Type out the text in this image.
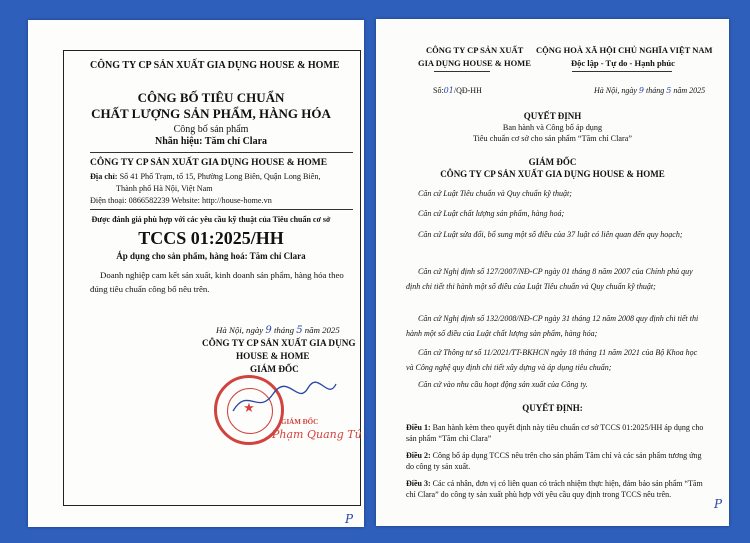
CÔNG TY CP SẢN XUẤT GIA DỤNG HOUSE & HOME
CÔNG BỐ TIÊU CHUẨN
CHẤT LƯỢNG SẢN PHẨM, HÀNG HÓA
Công bố sản phẩm
Nhãn hiệu: Tăm chỉ Clara
CÔNG TY CP SẢN XUẤT GIA DỤNG HOUSE & HOME
Địa chỉ: Số 41 Phố Trạm, tổ 15, Phường Long Biên, Quận Long Biên,
Thành phố Hà Nội, Việt Nam
Điện thoại: 0866582239 Website: http://house-home.vn
Được đánh giá phù hợp với các yêu cầu kỹ thuật của Tiêu chuẩn cơ sở
TCCS 01:2025/HH
Áp dụng cho sản phẩm, hàng hoá: Tăm chỉ Clara
Doanh nghiệp cam kết sản xuất, kinh doanh sản phẩm, hàng hóa theo đúng tiêu chuẩn công bố nêu trên.
Hà Nội, ngày 9 tháng 5 năm 2025
CÔNG TY CP SẢN XUẤT GIA DỤNG
HOUSE & HOME
GIÁM ĐỐC
★
GIÁM ĐỐC
Phạm Quang Tú
P
CÔNG TY CP SẢN XUẤT
GIA DỤNG HOUSE & HOME
CỘNG HOÀ XÃ HỘI CHỦ NGHĨA VIỆT NAM
Độc lập - Tự do - Hạnh phúc
Số:01/QĐ-HH	Hà Nội, ngày 9 tháng 5 năm 2025
QUYẾT ĐỊNH
Ban hành và Công bố áp dụng
Tiêu chuẩn cơ sở cho sản phẩm “Tăm chỉ Clara”
GIÁM ĐỐC
CÔNG TY CP SẢN XUẤT GIA DỤNG HOUSE & HOME
Căn cứ Luật Tiêu chuẩn và Quy chuẩn kỹ thuật;
Căn cứ Luật chất lượng sản phẩm, hàng hoá;
Căn cứ Luật sửa đổi, bổ sung một số điều của 37 luật có liên quan đến quy hoạch;
Căn cứ Nghị định số 127/2007/NĐ-CP ngày 01 tháng 8 năm 2007 của Chính phủ quy định chi tiết thi hành một số điều của Luật Tiêu chuẩn và Quy chuẩn kỹ thuật;
Căn cứ Nghị định số 132/2008/NĐ-CP ngày 31 tháng 12 năm 2008 quy định chi tiết thi hành một số điều của Luật chất lượng sản phẩm, hàng hóa;
Căn cứ Thông tư số 11/2021/TT-BKHCN ngày 18 tháng 11 năm 2021 của Bộ Khoa học và Công nghệ quy định chi tiết xây dựng và áp dụng tiêu chuẩn;
Căn cứ vào nhu cầu hoạt động sản xuất của Công ty.
QUYẾT ĐỊNH:
Điều 1: Ban hành kèm theo quyết định này tiêu chuẩn cơ sở TCCS 01:2025/HH áp dụng cho sản phẩm “Tăm chỉ Clara”
Điều 2: Công bố áp dụng TCCS nêu trên cho sản phẩm Tăm chỉ và các sản phẩm tương ứng do công ty sản xuất.
Điều 3: Các cá nhân, đơn vị có liên quan có trách nhiệm thực hiện, đảm bảo sản phẩm “Tăm chỉ Clara” do công ty sản xuất phù hợp với yêu cầu quy định trong TCCS nêu trên.
P
